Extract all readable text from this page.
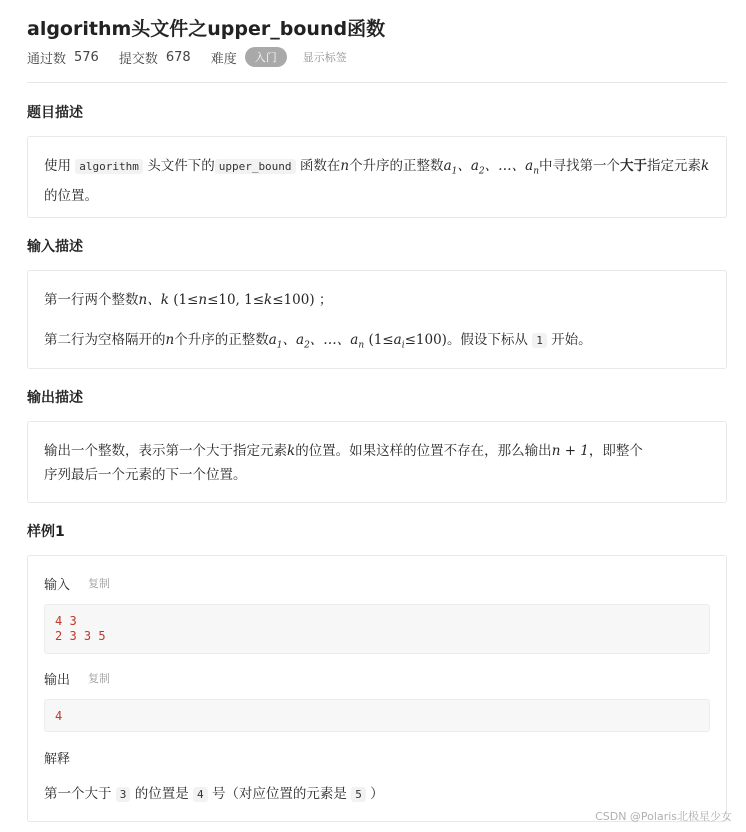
algorithm头文件之upper_bound函数
通过数 576 提交数 678 难度	入门	显示标签
题目描述
使用 algorithm 头文件下的 upper_bound 函数在n个升序的正整数$a_1$、$a_2$、…、$a_n$中寻找第一个大于指定元素k的位置。
输入描述
第一行两个整数n、k (1≤n≤10, 1≤k≤100) ；
第二行为空格隔开的n个升序的正整数$a_1$、$a_2$、…、$a_n$ $(1\le a_i\le 100)$。假设下标从 1 开始。
输出描述
输出一个整数，表示第一个大于指定元素k的位置。如果这样的位置不存在，那么输出n + 1，即整个
序列最后一个元素的下一个位置。
样例1
输入 复制
4 3
2 3 3 5
输出 复制
4
解释
第一个大于 3 的位置是 4 号（对应位置的元素是 5 ）
CSDN @Polaris北极星少女
